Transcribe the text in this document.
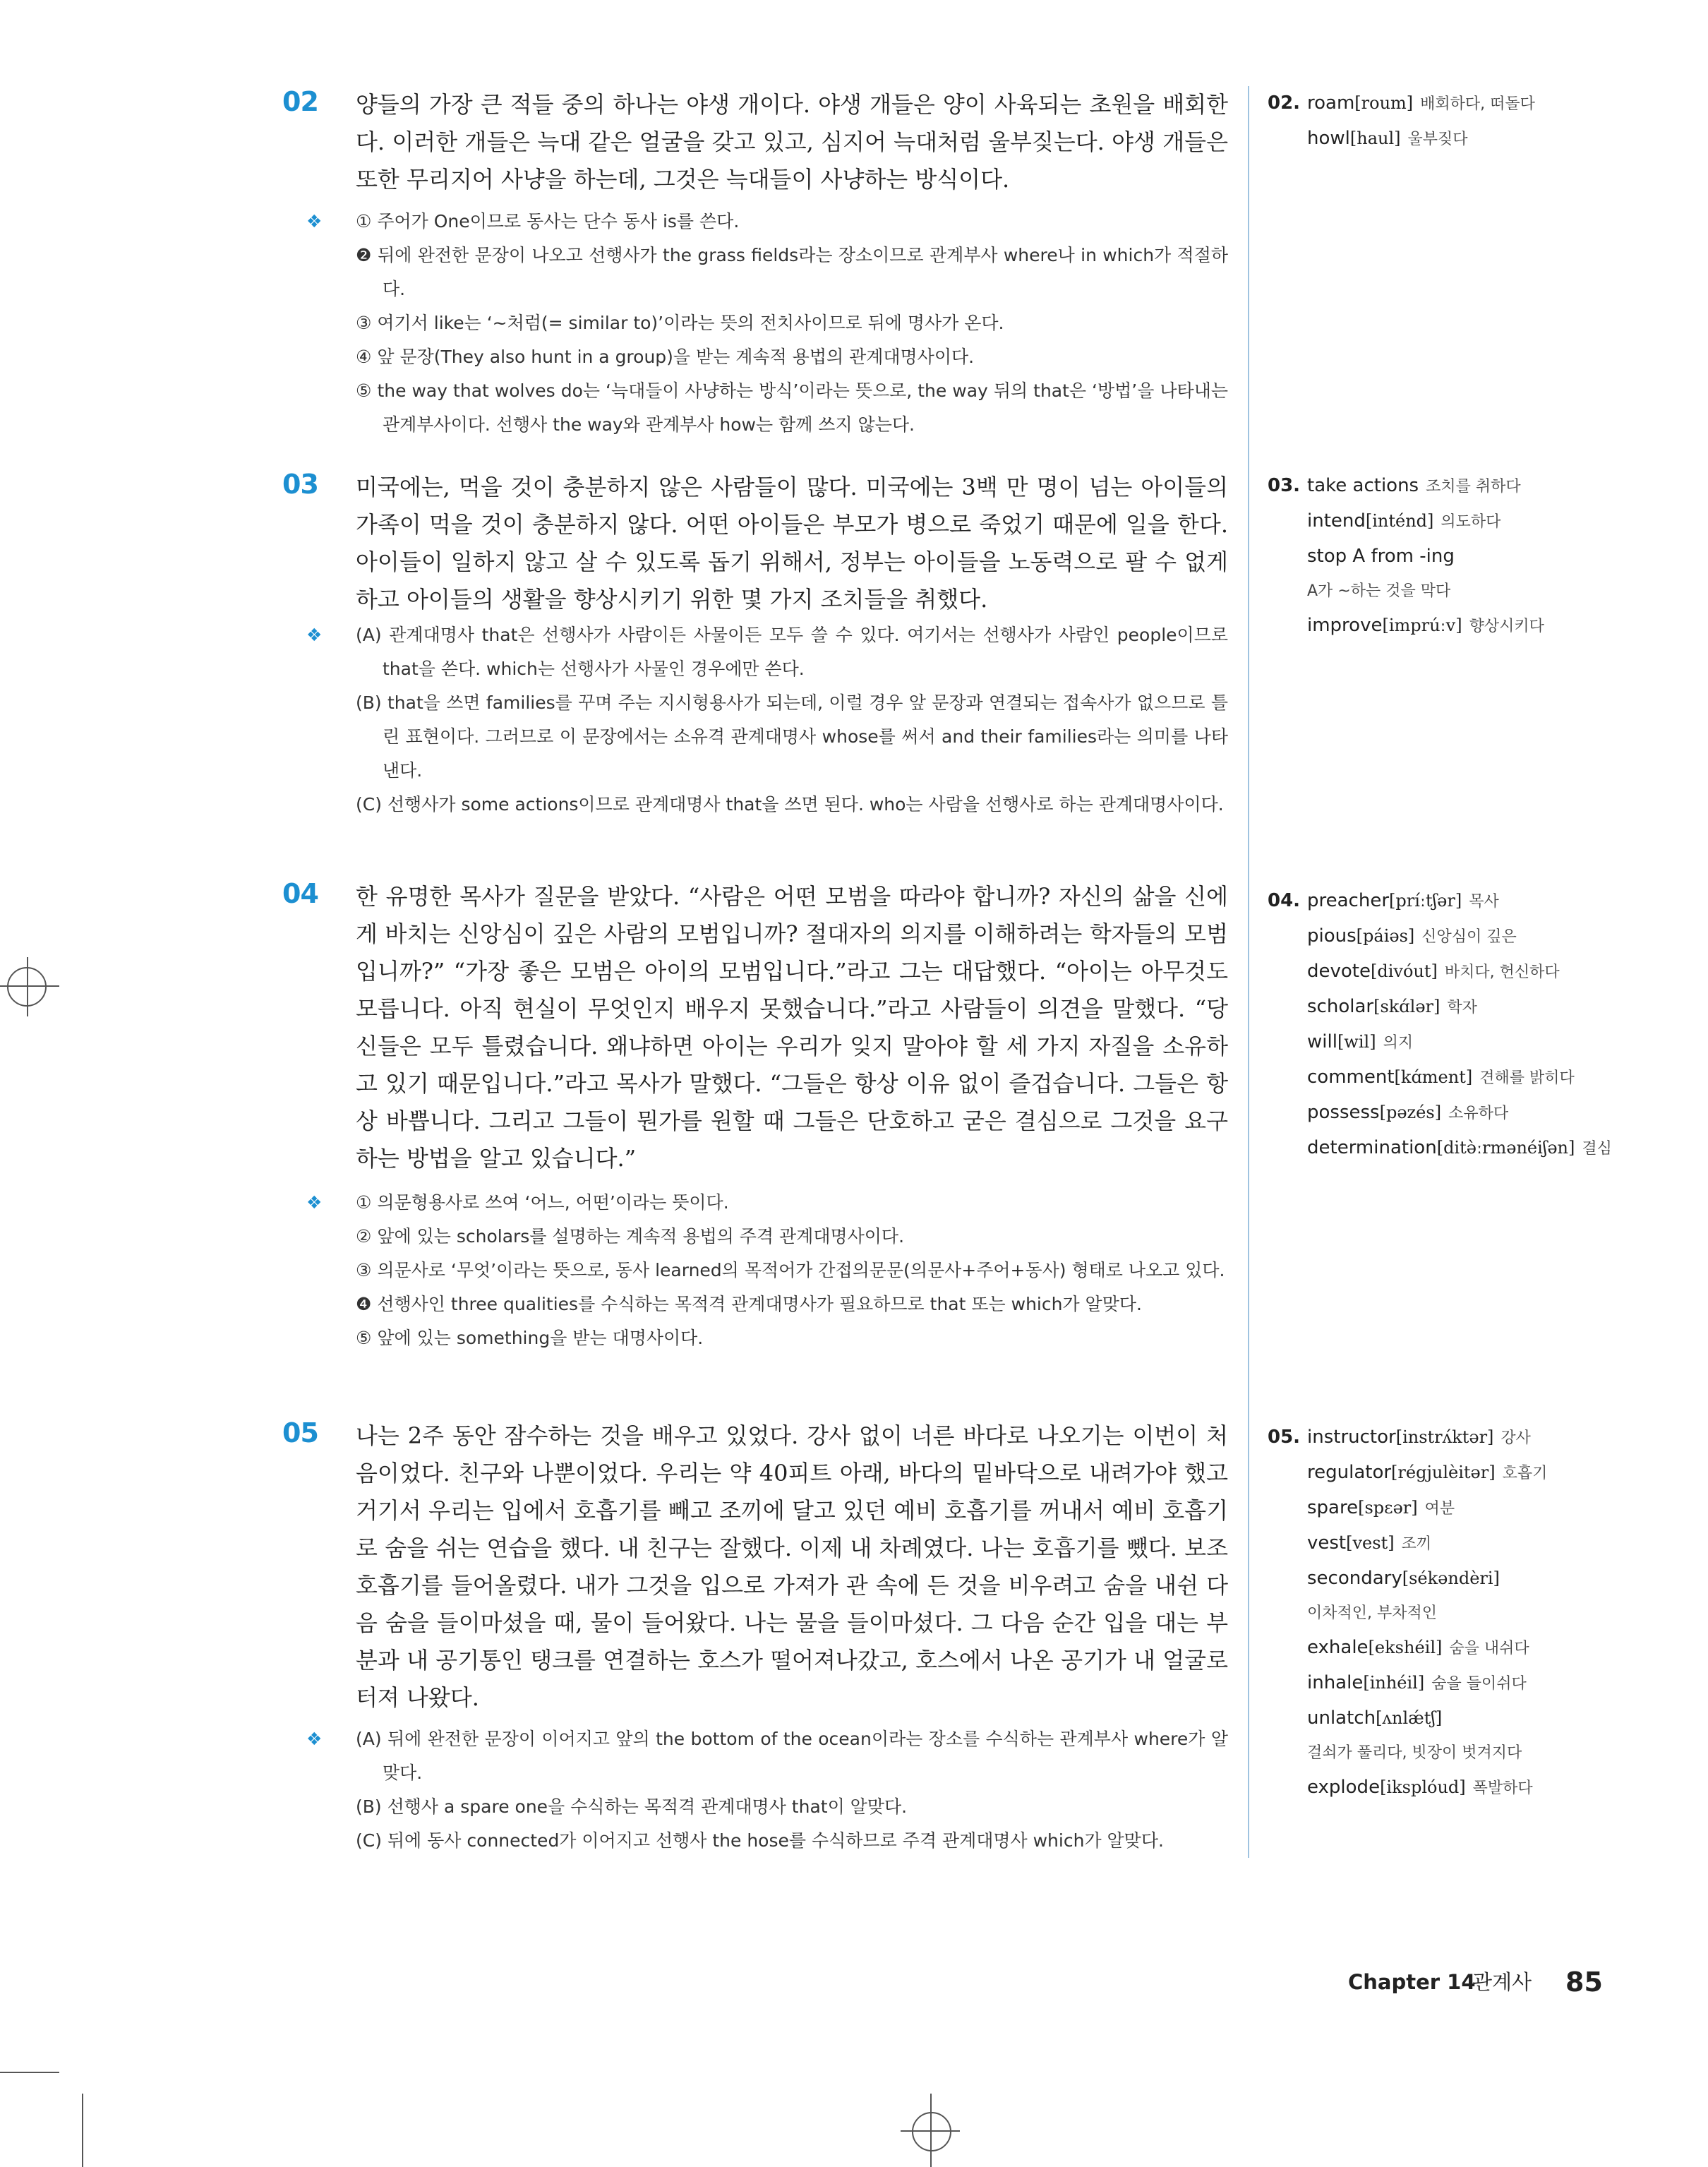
02 양들의 가장 큰 적들 중의 하나는 야생 개이다. 야생 개들은 양이 사육되는 초원을 배회한다. 이러한 개들은 늑대 같은 얼굴을 갖고 있고, 심지어 늑대처럼 울부짖는다. 야생 개들은 또한 무리지어 사냥을 하는데, 그것은 늑대들이 사냥하는 방식이다.

❖	① 주어가 One이므로 동사는 단수 동사 is를 쓴다.
❷ 뒤에 완전한 문장이 나오고 선행사가 the grass fields라는 장소이므로 관계부사 where나 in which가 적절하다.
③ 여기서 like는 ‘~처럼(= similar to)’이라는 뜻의 전치사이므로 뒤에 명사가 온다.
④ 앞 문장(They also hunt in a group)을 받는 계속적 용법의 관계대명사이다.
⑤ the way that wolves do는 ‘늑대들이 사냥하는 방식’이라는 뜻으로, the way 뒤의 that은 ‘방법’을 나타내는 관계부사이다. 선행사 the way와 관계부사 how는 함께 쓰지 않는다.
03 미국에는, 먹을 것이 충분하지 않은 사람들이 많다. 미국에는 3백 만 명이 넘는 아이들의 가족이 먹을 것이 충분하지 않다. 어떤 아이들은 부모가 병으로 죽었기 때문에 일을 한다. 아이들이 일하지 않고 살 수 있도록 돕기 위해서, 정부는 아이들을 노동력으로 팔 수 없게 하고 아이들의 생활을 향상시키기 위한 몇 가지 조치들을 취했다.

❖	(A) 관계대명사 that은 선행사가 사람이든 사물이든 모두 쓸 수 있다. 여기서는 선행사가 사람인 people이므로 that을 쓴다. which는 선행사가 사물인 경우에만 쓴다.
(B) that을 쓰면 families를 꾸며 주는 지시형용사가 되는데, 이럴 경우 앞 문장과 연결되는 접속사가 없으므로 틀린 표현이다. 그러므로 이 문장에서는 소유격 관계대명사 whose를 써서 and their families라는 의미를 나타낸다.
(C) 선행사가 some actions이므로 관계대명사 that을 쓰면 된다. who는 사람을 선행사로 하는 관계대명사이다.
04 한 유명한 목사가 질문을 받았다. “사람은 어떤 모범을 따라야 합니까? 자신의 삶을 신에게 바치는 신앙심이 깊은 사람의 모범입니까? 절대자의 의지를 이해하려는 학자들의 모범입니까?” “가장 좋은 모범은 아이의 모범입니다.”라고 그는 대답했다. “아이는 아무것도 모릅니다. 아직 현실이 무엇인지 배우지 못했습니다.”라고 사람들이 의견을 말했다. “당신들은 모두 틀렸습니다. 왜냐하면 아이는 우리가 잊지 말아야 할 세 가지 자질을 소유하고 있기 때문입니다.”라고 목사가 말했다. “그들은 항상 이유 없이 즐겁습니다. 그들은 항상 바쁩니다. 그리고 그들이 뭔가를 원할 때 그들은 단호하고 굳은 결심으로 그것을 요구하는 방법을 알고 있습니다.”

❖	① 의문형용사로 쓰여 ‘어느, 어떤’이라는 뜻이다.
② 앞에 있는 scholars를 설명하는 계속적 용법의 주격 관계대명사이다.
③ 의문사로 ‘무엇’이라는 뜻으로, 동사 learned의 목적어가 간접의문문(의문사+주어+동사) 형태로 나오고 있다.
❹ 선행사인 three qualities를 수식하는 목적격 관계대명사가 필요하므로 that 또는 which가 알맞다.
⑤ 앞에 있는 something을 받는 대명사이다.
05 나는 2주 동안 잠수하는 것을 배우고 있었다. 강사 없이 너른 바다로 나오기는 이번이 처음이었다. 친구와 나뿐이었다. 우리는 약 40피트 아래, 바다의 밑바닥으로 내려가야 했고 거기서 우리는 입에서 호흡기를 빼고 조끼에 달고 있던 예비 호흡기를 꺼내서 예비 호흡기로 숨을 쉬는 연습을 했다. 내 친구는 잘했다. 이제 내 차례였다. 나는 호흡기를 뺐다. 보조 호흡기를 들어올렸다. 내가 그것을 입으로 가져가 관 속에 든 것을 비우려고 숨을 내쉰 다음 숨을 들이마셨을 때, 물이 들어왔다. 나는 물을 들이마셨다. 그 다음 순간 입을 대는 부분과 내 공기통인 탱크를 연결하는 호스가 떨어져나갔고, 호스에서 나온 공기가 내 얼굴로 터져 나왔다.

❖	(A) 뒤에 완전한 문장이 이어지고 앞의 the bottom of the ocean이라는 장소를 수식하는 관계부사 where가 알맞다.
(B) 선행사 a spare one을 수식하는 목적격 관계대명사 that이 알맞다.
(C) 뒤에 동사 connected가 이어지고 선행사 the hose를 수식하므로 주격 관계대명사 which가 알맞다.
02. roam[roum] 배회하다, 떠돌다
howl[haul] 울부짖다
03. take actions 조치를 취하다
intend[inténd] 의도하다
stop A from -ing
A가 ~하는 것을 막다
improve[imprúːv] 향상시키다
04. preacher[príːtʃər] 목사
pious[páiəs] 신앙심이 깊은
devote[divóut] 바치다, 헌신하다
scholar[skɑ́lər] 학자
will[wil] 의지
comment[kɑ́ment] 견해를 밝히다
possess[pəzés] 소유하다
determination[ditə̀ːrmənéiʃən] 결심
05. instructor[instrʌ́ktər] 강사
regulator[régjulèitər] 호흡기
spare[spɛər] 여분
vest[vest] 조끼
secondary[sékəndèri]
이차적인, 부차적인
exhale[ekshéil] 숨을 내쉬다
inhale[inhéil] 숨을 들이쉬다
unlatch[ʌnlǽtʃ]
걸쇠가 풀리다, 빗장이 벗겨지다
explode[iksplóud] 폭발하다
Chapter 14
관계사 85
